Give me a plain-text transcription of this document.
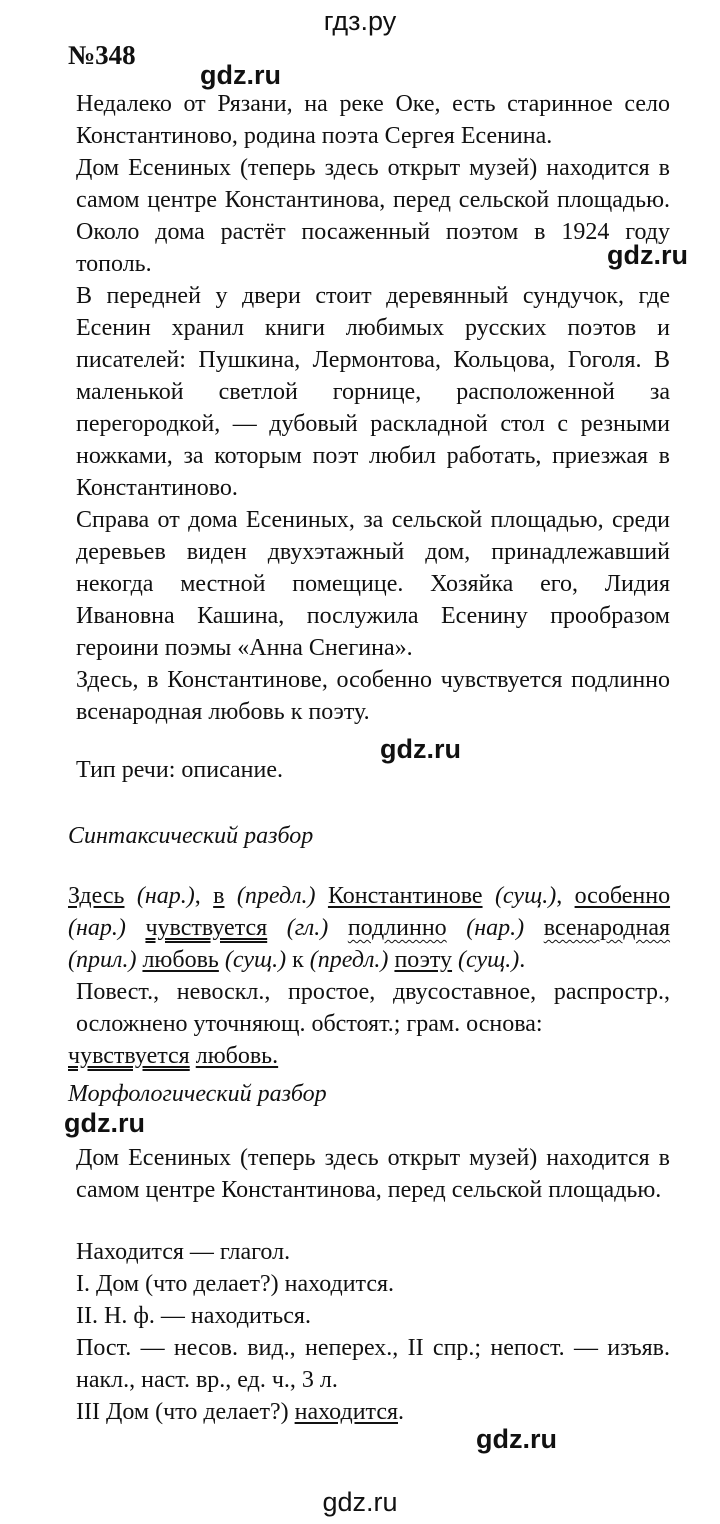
гдз.ру
№348
gdz.ru
gdz.ru
gdz.ru
gdz.ru
gdz.ru

Недалеко от Рязани, на реке Оке, есть старинное село Константиново, родина поэта Сергея Есенина.

Дом Есениных (теперь здесь открыт музей) находится в самом центре Константинова, перед сельской площадью. Около дома растёт посаженный поэтом в 1924 году тополь.

В передней у двери стоит деревянный сундучок, где Есенин хранил книги любимых русских поэтов и писателей: Пушкина, Лермонтова, Кольцова, Гоголя. В маленькой светлой горнице, расположенной за перегородкой, — дубовый раскладной стол с резными ножками, за которым поэт любил работать, приезжая в Константиново.

Справа от дома Есениных, за сельской площадью, среди деревьев виден двухэтажный дом, принадлежавший некогда местной помещице. Хозяйка его, Лидия Ивановна Кашина, послужила Есенину прообразом героини поэмы «Анна Снегина».

Здесь, в Константинове, особенно чувствуется подлинно всенародная любовь к поэту.

Тип речи: описание.

Синтаксический разбор

Здесь (нар.), в (предл.) Константинове (сущ.), особенно (нар.) чувствуется (гл.) подлинно (нар.) всенародная (прил.) любовь (сущ.) к (предл.) поэту (сущ.).

Повест., невоскл., простое, двусоставное, распростр., осложнено уточняющ. обстоят.; грам. основа:

чувствуется любовь.

Морфологический разбор

Дом Есениных (теперь здесь открыт музей) находится в самом центре Константинова, перед сельской площадью.

Находится — глагол.

I. Дом (что делает?) находится.

II. Н. ф. — находиться.

Пост. — несов. вид., неперех., II спр.; непост. — изъяв. накл., наст. вр., ед. ч., 3 л.

III Дом (что делает?) находится.

gdz.ru
